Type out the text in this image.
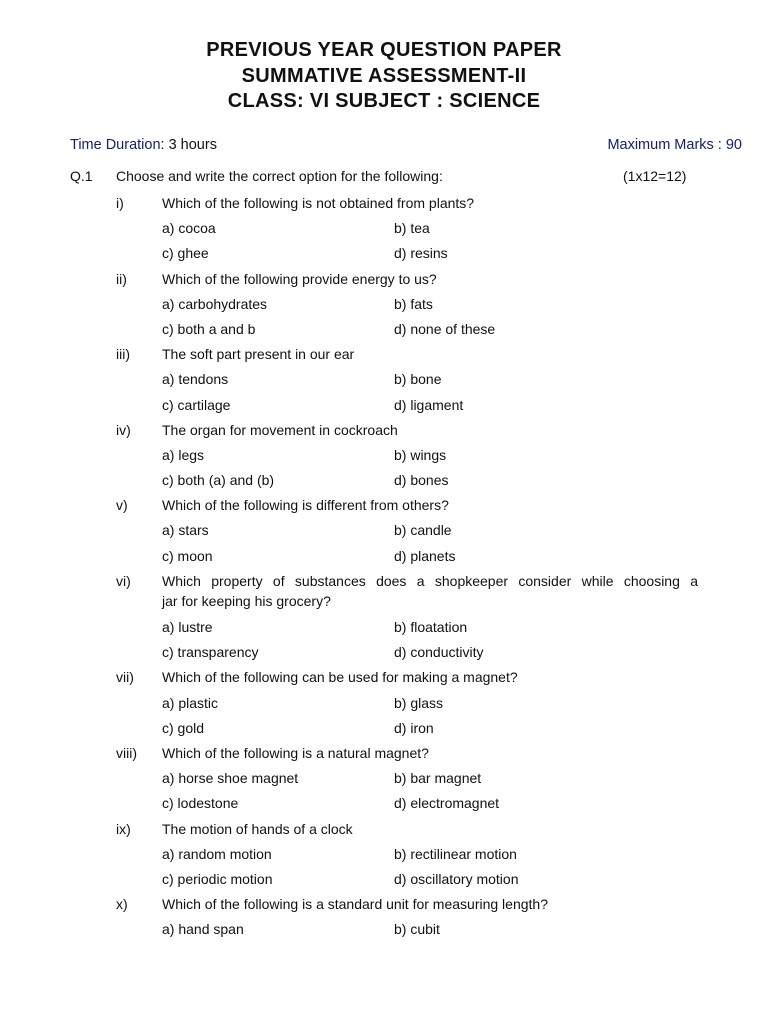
PREVIOUS YEAR QUESTION PAPER
SUMMATIVE ASSESSMENT-II
CLASS: VI SUBJECT : SCIENCE
Time Duration: 3 hours	Maximum Marks : 90
Q.1 Choose and write the correct option for the following:	(1x12=12)
i)	Which of the following is not obtained from plants?
a) cocoa	b) tea
c) ghee	d) resins
ii)	Which of the following provide energy to us?
a) carbohydrates	b) fats
c) both a and b	d) none of these
iii) The soft part present in our ear
a) tendons	b) bone
c) cartilage	d) ligament
iv) The organ for movement in cockroach
a) legs	b) wings
c) both (a) and (b)	d) bones
v) Which of the following is different from others?
a) stars	b) candle
c) moon	d) planets
vi) Which property of substances does a shopkeeper consider while choosing a
jar for keeping his grocery?
a) lustre	b) floatation
c) transparency	d) conductivity
vii) Which of the following can be used for making a magnet?
a) plastic	b) glass
c) gold	d) iron
viii) Which of the following is a natural magnet?
a) horse shoe magnet	b) bar magnet
c) lodestone	d) electromagnet
ix) The motion of hands of a clock
a) random motion	b) rectilinear motion
c) periodic motion	d) oscillatory motion
x) Which of the following is a standard unit for measuring length?
a) hand span	b) cubit
